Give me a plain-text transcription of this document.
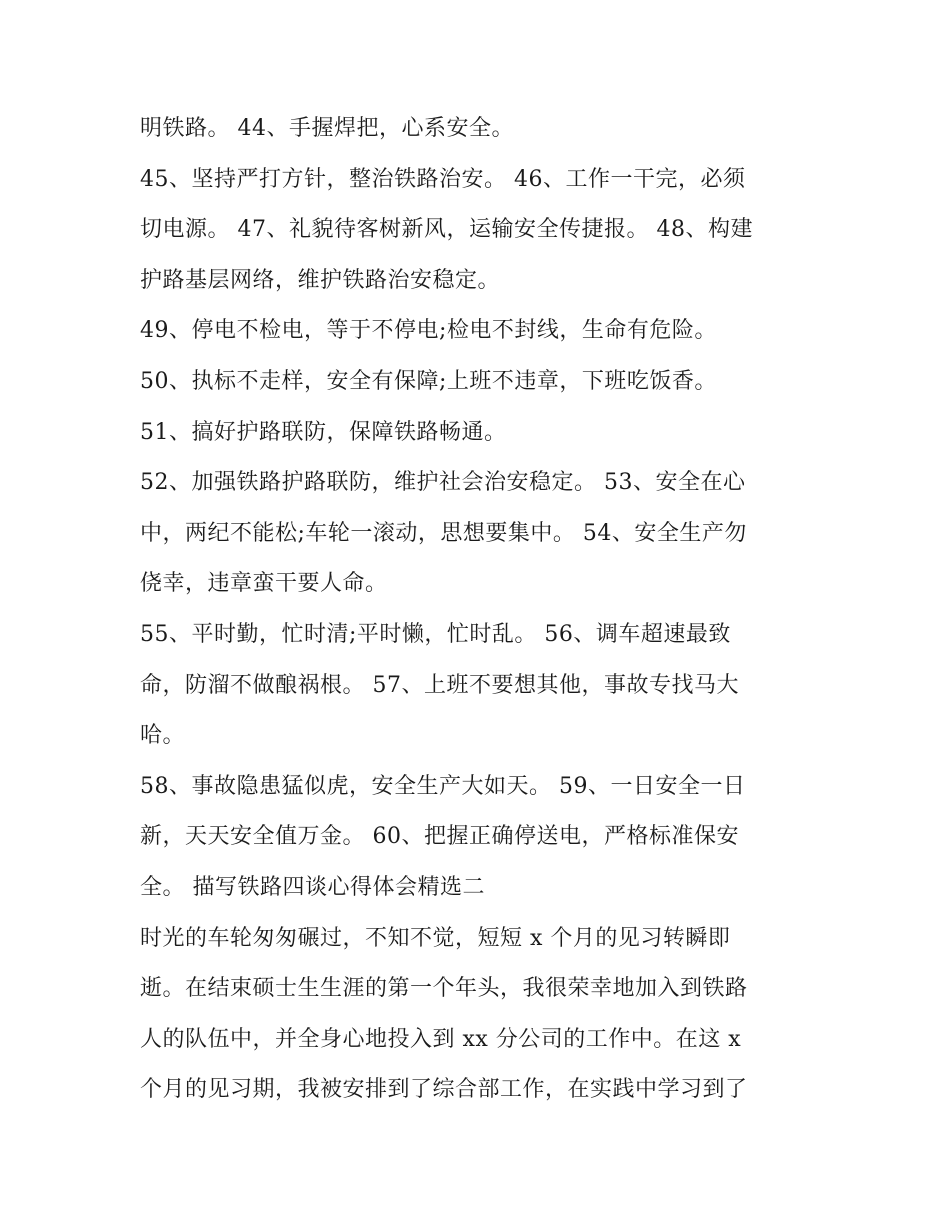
明铁路。 44、手握焊把，心系安全。
45、坚持严打方针，整治铁路治安。 46、工作一干完，必须
切电源。 47、礼貌待客树新风，运输安全传捷报。 48、构建
护路基层网络，维护铁路治安稳定。
49、停电不检电，等于不停电;检电不封线，生命有危险。
50、执标不走样，安全有保障;上班不违章，下班吃饭香。
51、搞好护路联防，保障铁路畅通。
52、加强铁路护路联防，维护社会治安稳定。 53、安全在心
中，两纪不能松;车轮一滚动，思想要集中。 54、安全生产勿
侥幸，违章蛮干要人命。
55、平时勤，忙时清;平时懒，忙时乱。 56、调车超速最致
命，防溜不做酿祸根。 57、上班不要想其他，事故专找马大
哈。
58、事故隐患猛似虎，安全生产大如天。 59、一日安全一日
新，天天安全值万金。 60、把握正确停送电，严格标准保安
全。 描写铁路四谈心得体会精选二
时光的车轮匆匆碾过，不知不觉，短短 x 个月的见习转瞬即
逝。在结束硕士生生涯的第一个年头，我很荣幸地加入到铁路
人的队伍中，并全身心地投入到 xx 分公司的工作中。在这 x
个月的见习期，我被安排到了综合部工作，在实践中学习到了
